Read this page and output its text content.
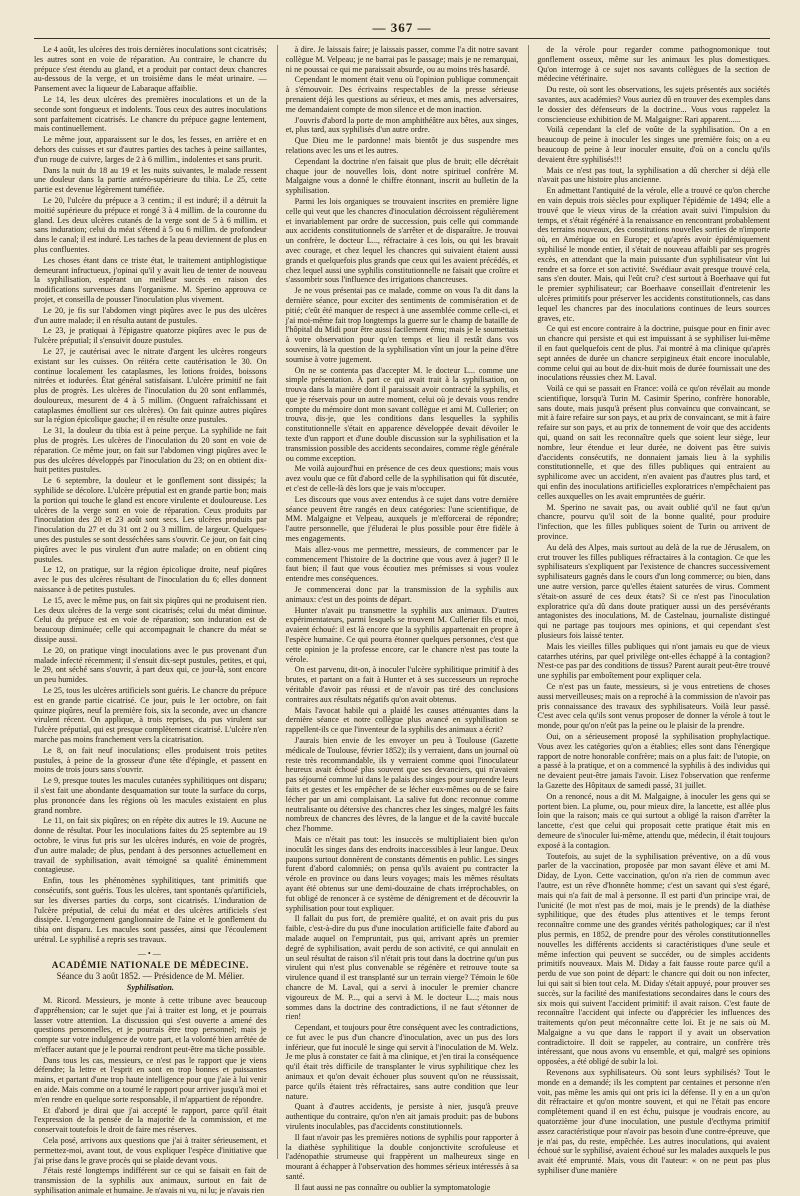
— 367 —

Le 4 août, les ulcères des trois dernières inoculations sont cicatrisés; les autres sont en voie de réparation. Au contraire, le chancre du prépuce s'est étendu au gland, et a produit par contact deux chancres au-dessous de la verge, et un troisième dans le méat urinaire. — Pansement avec la liqueur de Labaraque affaiblie.

Le 14, les deux ulcères des premières inoculations et un de la seconde sont fongueux et indolents. Tous ceux des autres inoculations sont parfaitement cicatrisés. Le chancre du prépuce gagne lentement, mais continuellement.

Le même jour, apparaissent sur le dos, les fesses, en arrière et en dehors des cuisses et sur d'autres parties des taches à peine saillantes, d'un rouge de cuivre, larges de 2 à 6 millim., indolentes et sans prurit.

Dans la nuit du 18 au 19 et les nuits suivantes, le malade ressent une douleur dans la partie antéro-supérieure du tibia. Le 25, cette partie est devenue légèrement tuméfiée.

Le 20, l'ulcère du prépuce a 3 centim.; il est induré; il a détruit la moitié supérieure du prépuce et rongé 3 à 4 millim. de la couronne du gland. Les deux ulcères cutanés de la verge sont de 5 à 6 millim. et sans induration; celui du méat s'étend à 5 ou 6 millim. de profondeur dans le canal; il est induré. Les taches de la peau deviennent de plus en plus confluentes.

Les choses étant dans ce triste état, le traitement antiphlogistique demeurant infructueux, j'opinai qu'il y avait lieu de tenter de nouveau la syphilisation, espérant un meilleur succès en raison des modifications survenues dans l'organisme. M. Sperino approuva ce projet, et conseilla de pousser l'inoculation plus vivement.

Le 20, je fis sur l'abdomen vingt piqûres avec le pus des ulcères d'un autre malade; il en résulta autant de pustules.

Le 23, je pratiquai à l'épigastre quatorze piqûres avec le pus de l'ulcère préputial; il s'ensuivit douze pustules.

Le 27, je cautérisai avec le nitrate d'argent les ulcères rongeurs existant sur les cuisses. On réitéra cette cautérisation le 30. On continue localement les cataplasmes, les lotions froides, boissons nitrées et iodurées. État général satisfaisant. L'ulcère primitif ne fait plus de progrès. Les ulcères de l'inoculation du 20 sont enflammés, douloureux, mesurent de 4 à 5 millim. (Onguent rafraîchissant et cataplasmes émollient sur ces ulcères). On fait quinze autres piqûres sur la région épicolique gauche; il en résulte onze pustules.

Le 31, la douleur du tibia est à peine perçue. La syphilide ne fait plus de progrès. Les ulcères de l'inoculation du 20 sont en voie de réparation. Ce même jour, on fait sur l'abdomen vingt piqûres avec le pus des ulcères développés par l'inoculation du 23; on en obtient dix-huit petites pustules.

Le 6 septembre, la douleur et le gonflement sont dissipés; la syphilide se décolore. L'ulcère préputial est en grande partie bon; mais la portion qui touche le gland est encore virulente et douloureuse. Les ulcères de la verge sont en voie de réparation. Ceux produits par l'inoculation des 20 et 23 août sont secs. Les ulcères produits par l'inoculation du 27 et du 31 ont 2 ou 3 millim. de largeur. Quelques-unes des pustules se sont desséchées sans s'ouvrir. Ce jour, on fait cinq piqûres avec le pus virulent d'un autre malade; on en obtient cinq pustules.

Le 12, on pratique, sur la région épicolique droite, neuf piqûres avec le pus des ulcères résultant de l'inoculation du 6; elles donnent naissance à de petites pustules.

Le 15, avec le même pus, on fait six piqûres qui ne produisent rien. Les deux ulcères de la verge sont cicatrisés; celui du méat diminue. Celui du prépuce est en voie de réparation; son induration est de beaucoup diminuée; celle qui accompagnait le chancre du méat se dissipe aussi.

Le 20, on pratique vingt inoculations avec le pus provenant d'un malade infecté récemment; il s'ensuit dix-sept pustules, petites, et qui, le 29, ont séché sans s'ouvrir, à part deux qui, ce jour-là, sont encore un peu humides.

Le 25, tous les ulcères artificiels sont guéris. Le chancre du prépuce est en grande partie cicatrisé. Ce jour, puis le 1er octobre, on fait quinze piqûres, neuf la première fois, six la seconde, avec un chancre virulent récent. On applique, à trois reprises, du pus virulent sur l'ulcère préputial, qui est presque complètement cicatrisé. L'ulcère n'en marche pas moins franchement vers la cicatrisation.

Le 8, on fait neuf inoculations; elles produisent trois petites pustules, à peine de la grosseur d'une tête d'épingle, et passent en moins de trois jours sans s'ouvrir.

Le 9, presque toutes les macules cutanées syphilitiques ont disparu; il s'est fait une abondante desquamation sur toute la surface du corps, plus prononcée dans les régions où les macules existaient en plus grand nombre.

Le 11, on fait six piqûres; on en répète dix autres le 19. Aucune ne donne de résultat. Pour les inoculations faites du 25 septembre au 19 octobre, le virus fut pris sur les ulcères indurés, en voie de progrès, d'un autre malade; de plus, pendant à des personnes actuellement en travail de syphilisation, avait témoigné sa qualité éminemment contagieuse.

Enfin, tous les phénomènes syphilitiques, tant primitifs que consécutifs, sont guéris. Tous les ulcères, tant spontanés qu'artificiels, sur les diverses parties du corps, sont cicatrisés. L'induration de l'ulcère préputial, de celui du méat et des ulcères artificiels s'est dissipée. L'engorgement ganglionnaire de l'aine et le gonflement du tibia ont disparu. Les macules sont passées, ainsi que l'écoulement urétral. Le syphilisé a repris ses travaux.

—•—
ACADÉMIE NATIONALE DE MÉDECINE.
Séance du 3 août 1852. — Présidence de M. Mélier.
Syphilisation.

M. Ricord. Messieurs, je monte à cette tribune avec beaucoup d'appréhension; car le sujet que j'ai à traiter est long, et je pourrais lasser votre attention. La discussion qui s'est ouverte a amené des questions personnelles, et je pourrais être trop personnel; mais je compte sur votre indulgence de votre part, et la volonté bien arrêtée de m'effacer autant que je le pourrai rendront peut-être ma tâche possible.

Dans tous les cas, messieurs, ce n'est pas le rapport que je viens défendre; la lettre et l'esprit en sont en trop bonnes et puissantes mains, et partant d'une trop haute intelligence pour que j'aie à lui venir en aide. Mais comme on a tourné le rapport pour arriver jusqu'à moi et m'en rendre en quelque sorte responsable, il m'appartient de répondre.

Et d'abord je dirai que j'ai accepté le rapport, parce qu'il était l'expression de la pensée de la majorité de la commission, et me conservait toutefois le droit de faire mes réserves.

Cela posé, arrivons aux questions que j'ai à traiter sérieusement, et permettez-moi, avant tout, de vous expliquer l'espèce d'initiative que j'ai prise dans le grave procès qui se plaide devant vous.

J'étais resté longtemps indifférent sur ce qui se faisait en fait de transmission de la syphilis aux animaux, surtout en fait de syphilisation animale et humaine. Je n'avais ni vu, ni lu; je n'avais rien

à dire. Je laissais faire; je laissais passer, comme l'a dit notre savant collègue M. Velpeau; je ne barrai pas le passage; mais je ne remarquai, ni ne poussai ce qui me paraissait absurde, ou au moins très hasardé.

Cependant le moment était venu où l'opinion publique commençait à s'émouvoir. Des écrivains respectables de la presse sérieuse prenaient déjà les questions au sérieux, et mes amis, mes adversaires, me demandaient compte de mon silence et de mon inaction.

J'ouvris d'abord la porte de mon amphithéâtre aux bêtes, aux singes, et, plus tard, aux syphilisés d'un autre ordre.

Que Dieu me le pardonne! mais bientôt je dus suspendre mes relations avec les uns et les autres.

Cependant la doctrine n'en faisait que plus de bruit; elle décrétait chaque jour de nouvelles lois, dont notre spirituel confrère M. Malgaigne vous a donné le chiffre étonnant, inscrit au bulletin de la syphilisation.

Parmi les lois organiques se trouvaient inscrites en première ligne celle qui veut que les chancres d'inoculation décroissent régulièrement et invariablement par ordre de succession, puis celle qui commande aux accidents constitutionnels de s'arrêter et de disparaître. Je trouvai un confrère, le docteur L..., réfractaire à ces lois, ou qui les bravait avec courage, et chez lequel les chancres qui suivaient étaient aussi grands et quelquefois plus grands que ceux qui les avaient précédés, et chez lequel aussi une syphilis constitutionnelle ne faisait que croître et s'assombrir sous l'influence des irrigations chancreuses.

Je ne vous présentai pas ce malade, comme on vous l'a dit dans la dernière séance, pour exciter des sentiments de commisération et de pitié; c'eût été manquer de respect à une assemblée comme celle-ci, et j'ai moi-même fait trop longtemps la guerre sur le champ de bataille de l'hôpital du Midi pour être aussi facilement ému; mais je le soumettais à votre observation pour qu'en temps et lieu il restât dans vos souvenirs, là la question de la syphilisation vînt un jour la peine d'être soumise à votre jugement.

On ne se contenta pas d'accepter M. le docteur L... comme une simple présentation. À part ce qui avait trait à la syphilisation, on trouva dans la manière dont il paraissait avoir contracté la syphilis, et que je réservais pour un autre moment, celui où je devais vous rendre compte du mémoire dont mon savant collègue et ami M. Cullerier; on trouva, dis-je, que les conditions dans lesquelles la syphilis constitutionnelle s'était en apparence développée devait dévoiler le texte d'un rapport et d'une double discussion sur la syphilisation et la transmission possible des accidents secondaires, comme règle générale ou comme exception.

Me voilà aujourd'hui en présence de ces deux questions; mais vous avez voulu que ce fût d'abord celle de la syphilisation qui fût discutée, et c'est de celle-là dès lors que je vais m'occuper.

Les discours que vous avez entendus à ce sujet dans votre dernière séance peuvent être rangés en deux catégories: l'une scientifique, de MM. Malgaigne et Velpeau, auxquels je m'efforcerai de répondre; l'autre personnelle, que j'éluderai le plus possible pour être fidèle à mes engagements.

Mais allez-vous me permettre, messieurs, de commencer par le commencement l'histoire de la doctrine que vous avez à juger? Il le faut bien; il faut que vous écoutiez mes prémisses si vous voulez entendre mes conséquences.

Je commencerai donc par la transmission de la syphilis aux animaux: c'est un des points de départ.

Hunter n'avait pu transmettre la syphilis aux animaux. D'autres expérimentateurs, parmi lesquels se trouvent M. Cullerier fils et moi, avaient échoué: il est là encore que la syphilis appartenait en propre à l'espèce humaine. Ce qui pourra étonner quelques personnes, c'est que cette opinion je la professe encore, car le chancre n'est pas toute la vérole.

On est parvenu, dit-on, à inoculer l'ulcère syphilitique primitif à des brutes, et partant on a fait à Hunter et à ses successeurs un reproche véritable d'avoir pas réussi et de n'avoir pas tiré des conclusions contraires aux résultats négatifs qu'on avait obtenus.

Mais l'avocat habile qui a plaidé les causes atténuantes dans la dernière séance et notre collègue plus avancé en syphilisation se rappellent-ils ce que l'inventeur de la syphilis des animaux a écrit?

J'aurais bien envie de les envoyer un peu à Toulouse (Gazette médicale de Toulouse, février 1852); ils y verraient, dans un journal où reste très recommandable, ils y verraient comme quoi l'inoculateur heureux avait échoué plus souvent que ses devanciers, qui n'avaient pas séjourné comme lui dans le palais des singes pour surprendre leurs faits et gestes et les empêcher de se lécher eux-mêmes ou de se faire lécher par un ami complaisant. La salive fut donc reconnue comme neutralisante ou détersive des chancres chez les singes, malgré les faits nombreux de chancres des lèvres, de la langue et de la cavité buccale chez l'homme.

Mais ce n'était pas tout: les insuccès se multipliaient bien qu'on inoculât les singes dans des endroits inaccessibles à leur langue. Deux paupons surtout donnèrent de constants démentis en public. Les singes furent d'abord calomniés; on pensa qu'ils avaient pu contracter la vérole en province ou dans leurs voyages; mais les mêmes résultats ayant été obtenus sur une demi-douzaine de chats irréprochables, on fut obligé de renoncer à ce système de dénigrement et de découvrir la syphilisation pour tout expliquer.

Il fallait du pus fort, de première qualité, et on avait pris du pus faible, c'est-à-dire du pus d'une inoculation artificielle faite d'abord au malade auquel on l'empruntait, pus qui, arrivant après un premier degré de syphilisation, avait perdu de son activité, ce qui annulait en un seul résultat de raison s'il n'était pris tout dans la doctrine qu'un pus virulent qui n'est plus convenable se régénère et retrouve toute sa virulence quand il est transplanté sur un terrain vierge? Témoin le 60e chancre de M. Laval, qui a servi à inoculer le premier chancre vigoureux de M. P..., qui a servi à M. le docteur L...; mais nous sommes dans la doctrine des contradictions, il ne faut s'étonner de rien!

Cependant, et toujours pour être conséquent avec les contradictions, ce fut avec le pus d'un chancre d'inoculation, avec un pus des lors inférieur, que fut inoculé le singe qui servit à l'inoculation de M. Welz. Je me plus à constater ce fait à ma clinique, et j'en tirai la conséquence qu'il était très difficile de transplanter le virus syphilitique chez les animaux et qu'on devait échouer plus souvent qu'on ne réussissait, parce qu'ils étaient très réfractaires, sans autre condition que leur nature.

Quant à d'autres accidents, je persiste à nier, jusqu'à preuve authentique du contraire, qu'on n'en ait jamais produit: pas de bubons virulents inoculables, pas d'accidents constitutionnels.

Il faut n'avoir pas les premières notions de syphilis pour rapporter à la diathèse syphilitique la double conjonctivite scrofuleuse et l'adénopathie strumeuse qui frappèrent un malheureux singe en mourant à échapper à l'observation des hommes sérieux intéressés à sa santé.

Il faut aussi ne pas connaître ou oublier la symptomatologie

de la vérole pour regarder comme pathognomonique tout gonflement osseux, même sur les animaux les plus domestiques. Qu'on interroge à ce sujet nos savants collègues de la section de médecine vétérinaire.

Du reste, où sont les observations, les sujets présentés aux sociétés savantes, aux académies? Vous auriez dû en trouver des exemples dans le dossier des défenseurs de la doctrine... Vous vous rappelez la consciencieuse exhibition de M. Malgaigne: Rari apparent......

Voilà cependant la clef de voûte de la syphilisation. On a en beaucoup de peine à inoculer les singes une première fois; on a eu beaucoup de peine à leur inoculer ensuite, d'où on a conclu qu'ils devaient être syphilisés!!!

Mais ce n'est pas tout, la syphilisation a dû chercher si déjà elle n'avait pas une histoire plus ancienne.

En admettant l'antiquité de la vérole, elle a trouvé ce qu'on cherche en vain depuis trois siècles pour expliquer l'épidémie de 1494; elle a trouvé que le vieux virus de la création avait suivi l'impulsion du temps, et s'était régénéré à la renaissance en rencontrant probablement des terrains nouveaux, des constitutions nouvelles sorties de n'importe où, en Amérique ou en Europe; et qu'après avoir épidémiquement syphilisé le monde entier, il s'était de nouveau affaibli par ses progrès excès, en attendant que la main puissante d'un syphilisateur vînt lui rendre et sa force et son activité. Swédiaur avait presque trouvé cela, sans s'en douter. Mais, qui l'eût cru? c'est surtout à Boerhaave qui fut le premier syphilisateur; car Boerhaave conseillait d'entretenir les ulcères primitifs pour préserver les accidents constitutionnels, cas dans lequel les chancres par des inoculations continues de leurs sources graves, etc.

Ce qui est encore contraire à la doctrine, puisque pour en finir avec un chancre qui persiste et qui est impuissant à se syphiliser lui-même il en faut quelquefois cent de plus. J'ai montré à ma clinique qu'après sept années de durée un chancre serpigineux était encore inoculable, comme celui qui au bout de dix-huit mois de durée fournissait une des inoculations réussies chez M. Laval.

Voilà ce qui se passait en France: voilà ce qu'on révélait au monde scientifique, lorsqu'à Turin M. Casimir Sperino, confrère honorable, sans doute, mais jusqu'à présent plus convaincu que convaincant, se mit à faire refaire sur son pays, et au prix de convaincant, se mit à faire refaire sur son pays, et au prix de tonnement de voir que des accidents qui, quand on sait les reconnaître quels que soient leur siège, leur nombre, leur étendue et leur durée, ne doivent pas être suivis d'accidents consécutifs, ne donnaient jamais lieu à la syphilis constitutionnelle, et que des filles publiques qui entraient au syphilicome avec un accident, n'en avaient pas d'autres plus tard, et qui enfin des inoculations artificielles exploratrices n'empêchaient pas celles auxquelles on les avait empruntées de guérir.

M. Sperino ne savait pas, ou avait oublié qu'il ne faut qu'un chancre, pourvu qu'il soit de la bonne qualité, pour produire l'infection, que les filles publiques soient de Turin ou arrivent de province.

Au delà des Alpes, mais surtout au delà de la rue de Jérusalem, on crut trouver les filles publiques réfractaires à la contagion. Ce que les syphilisateurs s'expliquent par l'existence de chancres successivement syphilisateurs gagnés dans le cours d'un long commerce; ou bien, dans une autre version, parce qu'elles étaient saturées de virus. Comment s'était-on assuré de ces deux états? Si ce n'est pas l'inoculation exploratrice qu'a dû dans doute pratiquer aussi un des persévérants antagonistes des inoculations, M. de Castelnau, journaliste distingué qui ne partage pas toujours mes opinions, et qui cependant s'est plusieurs fois laissé tenter.

Mais les vieilles filles publiques qui n'ont jamais eu que de vieux catarrhes utérins, par quel privilège ont-elles échappé à la contagion? N'est-ce pas par des conditions de tissus? Parent aurait peut-être trouvé une syphilis par emboîtement pour expliquer cela.

Ce n'est pas un faute, messieurs, si je vous entretiens de choses aussi merveilleuses; mais on a reproché à la commission de n'avoir pas pris connaissance des travaux des syphilisateurs. Voilà leur passé. C'est avec cela qu'ils sont venus proposer de donner la vérole à tout le monde, pour qu'on n'eût pas la peine ou le plaisir de la prendre.

Oui, on a sérieusement proposé la syphilisation prophylactique. Vous avez les catégories qu'on a établies; elles sont dans l'énergique rapport de notre honorable confrère; mais on a plus fait: de l'utopie, on a passé à la pratique, et on a commencé la syphilis à des individus qui ne devaient peut-être jamais l'avoir. Lisez l'observation que renferme la Gazette des Hôpitaux de samedi passé, 31 juillet.

On a renoncé, nous a dit M. Malgaigne, à inoculer les gens qui se portent bien. La plume, ou, pour mieux dire, la lancette, est allée plus loin que la raison; mais ce qui surtout a obligé la raison d'arrêter la lancette, c'est que celui qui proposait cette pratique était mis en demeure de s'inoculer lui-même, attendu que, médecin, il était toujours exposé à la contagion.

Toutefois, au sujet de la syphilisation préventive, on a dû vous parler de la vaccination, proposée par mon savant élève et ami M. Diday, de Lyon. Cette vaccination, qu'on n'a rien de commun avec l'autre, est un rêve d'honnête homme; c'est un savant qui s'est égaré, mais qui n'a fait de mal à personne. Il est parti d'un principe vrai, de l'unicité (le mot n'est pas de moi, mais je le prends) de la diathèse syphilitique, que des études plus attentives et le temps feront reconnaître comme une des grandes vérités pathologiques; car il n'est plus permis, en 1852, de prendre pour des véroles constitutionnelles nouvelles les différents accidents si caractéristiques d'une seule et même infection qui peuvent se succéder, ou de simples accidents primitifs nouveaux. Mais M. Diday a fait fausse route parce qu'il a perdu de vue son point de départ: le chancre qui doit ou non infecter, lui qui sait si bien tout cela. M. Diday s'était appuyé, pour prouver ses succès, sur la facilité des manifestations secondaires dans le cours des six mois qui suivent l'accident primitif: il avait raison. C'est faute de reconnaître l'accident qui infecte ou d'apprécier les influences des traitements qu'on peut méconnaître cette loi. Et je ne sais où M. Malgaigne a vu que dans le rapport il y avait un observation contradictoire. Il doit se rappeler, au contraire, un confrère très intéressant, que nous avons vu ensemble, et qui, malgré ses opinions opposées, a été obligé de subir la loi.

Revenons aux syphilisateurs. Où sont leurs syphilisés? Tout le monde en a demandé; ils les comptent par centaines et personne n'en voit, pas même les amis qui ont pris ici la défense. Il y en a un qu'on dit réfractaire et qu'on montre souvent, et qui ne l'était pas encore complètement quand il en est échu, puisque je voudrais encore, au quatorzième jour d'une inoculation, une pustule d'ecthyma primitif assez caractéristique pour n'avoir pas besoin d'une contre-épreuve, que je n'ai pas, du reste, empêchée. Les autres inoculations, qui avaient échoué sur le syphilisé, avaient échoué sur les malades auxquels le pus avait été emprunté. Mais, vous dit l'auteur: « on ne peut pas plus syphiliser d'une manière
